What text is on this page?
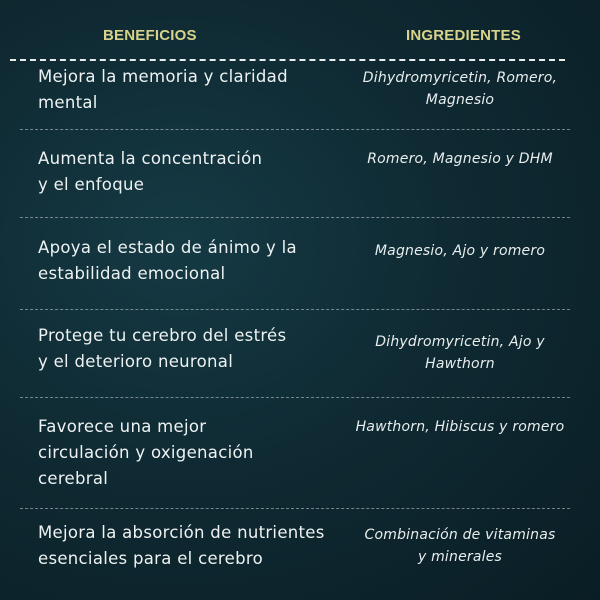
BENEFICIOS	INGREDIENTES
Mejora la memoria y claridad
mental
Dihydromyricetin, Romero,
Magnesio
Aumenta la concentración
y el enfoque
Romero, Magnesio y DHM
Apoya el estado de ánimo y la
estabilidad emocional
Magnesio, Ajo y romero
Protege tu cerebro del estrés
y el deterioro neuronal
Dihydromyricetin, Ajo y
Hawthorn
Favorece una mejor
circulación y oxigenación
cerebral
Hawthorn, Hibiscus y romero
Mejora la absorción de nutrientes
esenciales para el cerebro
Combinación de vitaminas
y minerales
